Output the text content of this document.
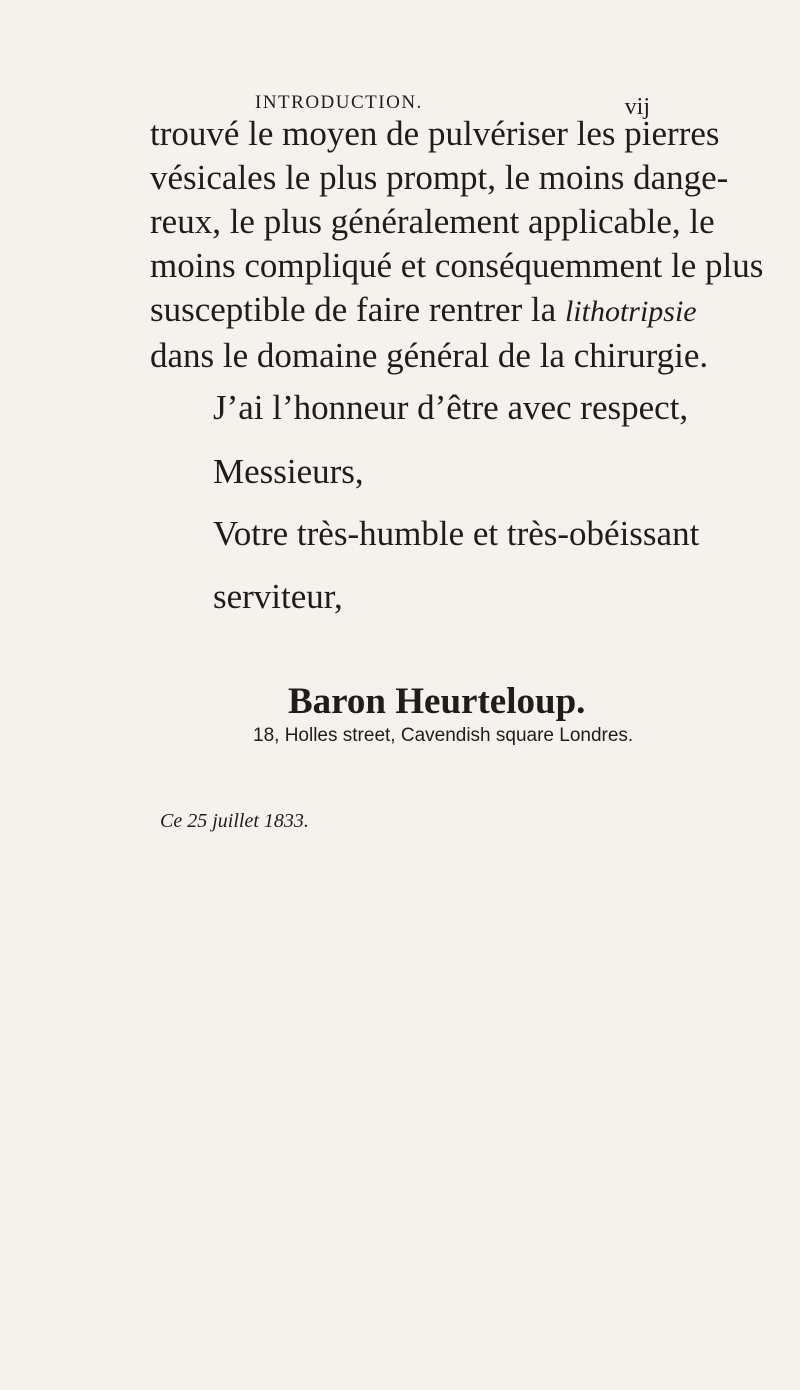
INTRODUCTION.	vij
trouvé le moyen de pulvériser les pierres
vésicales le plus prompt, le moins dange-
reux, le plus généralement applicable, le
moins compliqué et conséquemment le plus
susceptible de faire rentrer la lithotripsie
dans le domaine général de la chirurgie.
J’ai l’honneur d’être avec respect,
Messieurs,
Votre très-humble et très-obéissant
serviteur,
Baron Heurteloup.
18, Holles street, Cavendish square Londres.
Ce 25 juillet 1833.
